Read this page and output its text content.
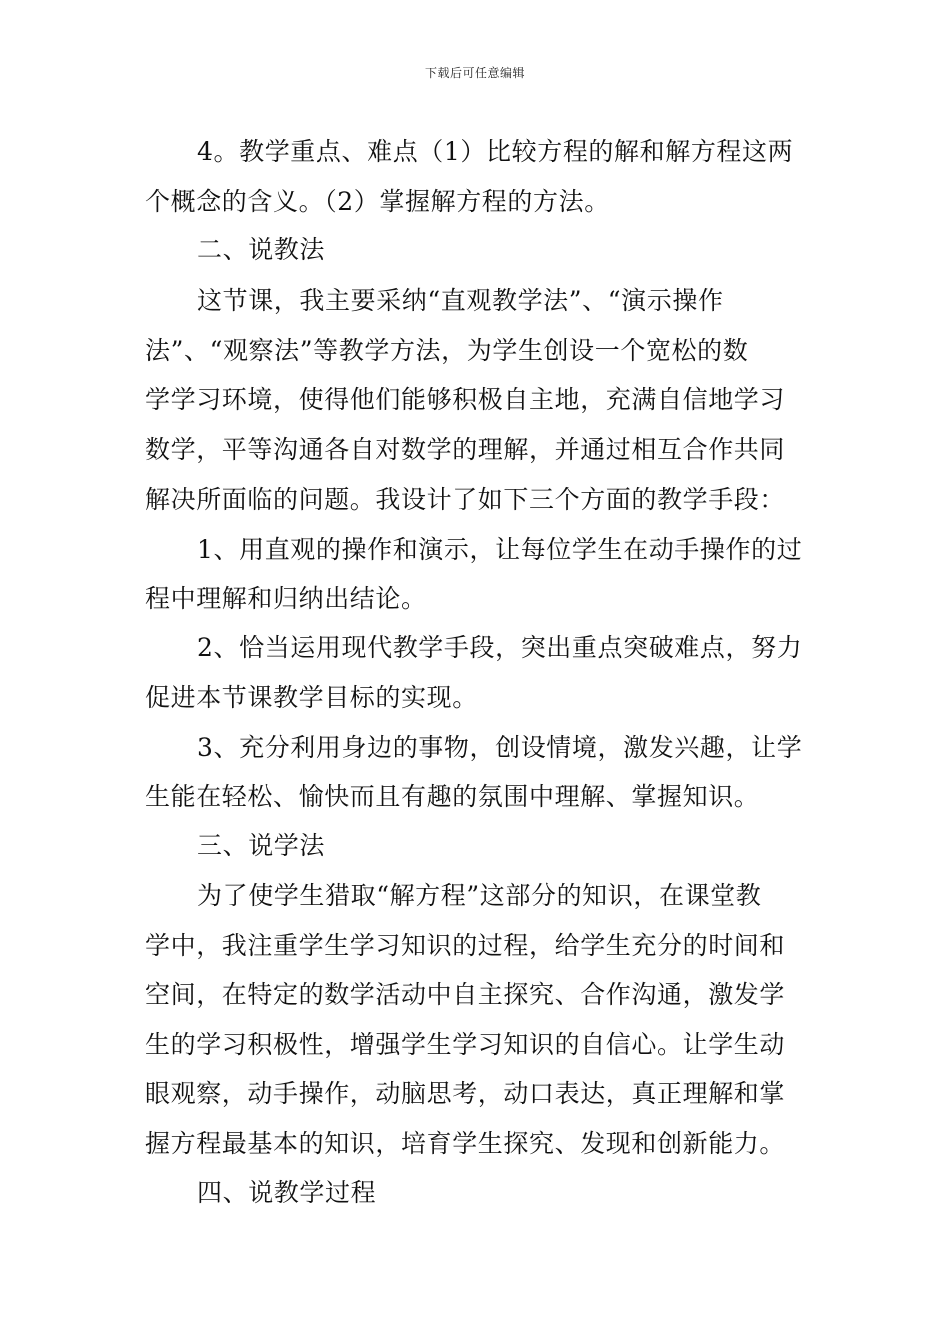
下载后可任意编辑
4。教学重点、难点（1）比较方程的解和解方程这两
个概念的含义。（2）掌握解方程的方法。
二、说教法
这节课，我主要采纳“直观教学法”、“演示操作
法”、“观察法”等教学方法，为学生创设一个宽松的数
学学习环境，使得他们能够积极自主地，充满自信地学习
数学，平等沟通各自对数学的理解，并通过相互合作共同
解决所面临的问题。我设计了如下三个方面的教学手段：
1、用直观的操作和演示，让每位学生在动手操作的过
程中理解和归纳出结论。
2、恰当运用现代教学手段，突出重点突破难点，努力
促进本节课教学目标的实现。
3、充分利用身边的事物，创设情境，激发兴趣，让学
生能在轻松、愉快而且有趣的氛围中理解、掌握知识。
三、说学法
为了使学生猎取“解方程”这部分的知识，在课堂教
学中，我注重学生学习知识的过程，给学生充分的时间和
空间，在特定的数学活动中自主探究、合作沟通，激发学
生的学习积极性，增强学生学习知识的自信心。让学生动
眼观察，动手操作，动脑思考，动口表达，真正理解和掌
握方程最基本的知识，培育学生探究、发现和创新能力。
四、说教学过程
